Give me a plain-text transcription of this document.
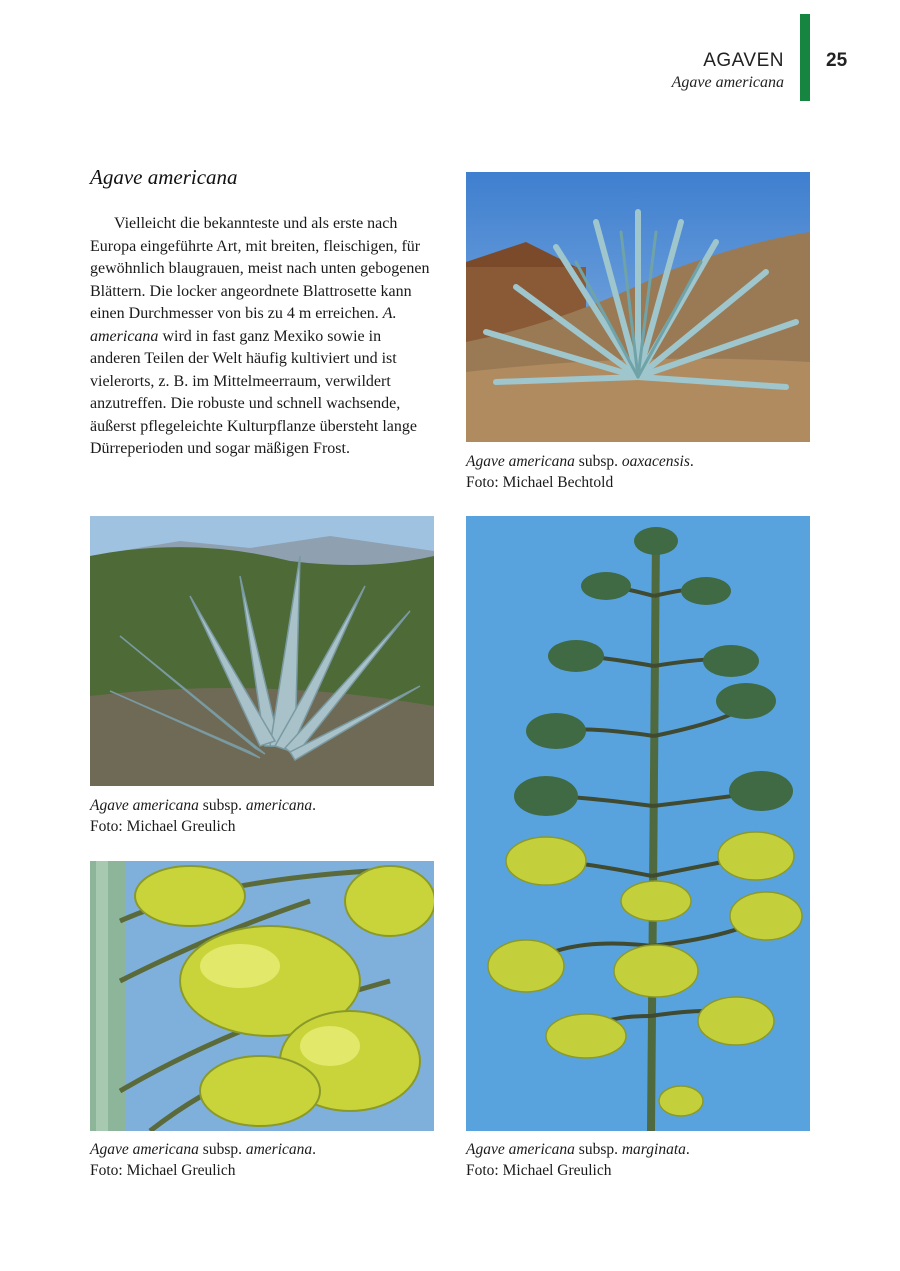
AGAVEN
Agave americana
25
Agave americana

Vielleicht die bekannteste und als erste nach Europa eingeführte Art, mit breiten, fleischigen, für gewöhnlich blaugrauen, meist nach unten gebogenen Blättern. Die locker angeordnete Blattrosette kann einen Durchmesser von bis zu 4 m erreichen. A. americana wird in fast ganz Mexiko sowie in anderen Teilen der Welt häufig kultiviert und ist vielerorts, z. B. im Mittelmeerraum, verwildert anzutreffen. Die robuste und schnell wachsende, äußerst pflegeleichte Kulturpflanze übersteht lange Dürreperioden und sogar mäßigen Frost.

Agave americana subsp. oaxacensis.
Foto: Michael Bechtold
Agave americana subsp. americana.
Foto: Michael Greulich
Agave americana subsp. americana.
Foto: Michael Greulich
Agave americana subsp. marginata.
Foto: Michael Greulich
